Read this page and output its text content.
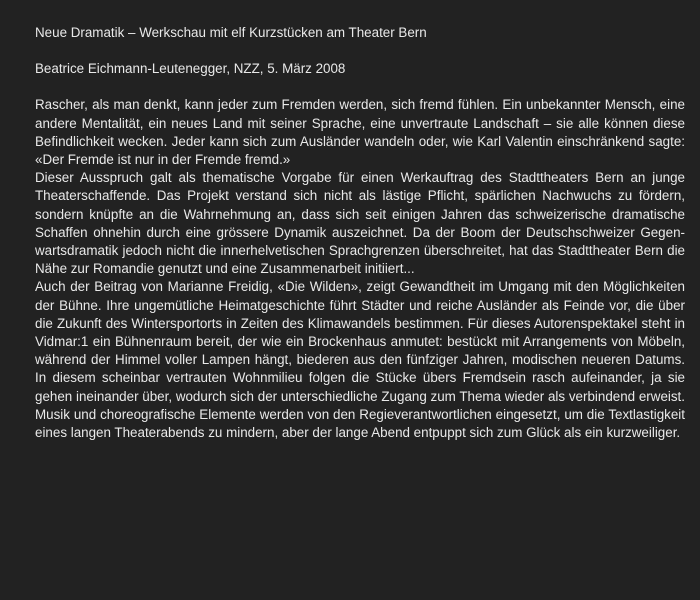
Neue Dramatik – Werkschau mit elf Kurzstücken am Theater Bern
Beatrice Eichmann-Leutenegger, NZZ, 5. März 2008

Rascher, als man denkt, kann jeder zum Fremden werden, sich fremd fühlen. Ein unbekannter Mensch, eine andere Mentalität, ein neues Land mit seiner Sprache, eine unvertraute Landschaft – sie alle können diese Befindlichkeit wecken. Jeder kann sich zum Ausländer wandeln oder, wie Karl Valentin einschränkend sagte: «Der Fremde ist nur in der Fremde fremd.»

Dieser Ausspruch galt als thematische Vorgabe für einen Werkauftrag des Stadttheaters Bern an junge Theaterschaffende. Das Projekt verstand sich nicht als lästige Pflicht, spärlichen Nachwuchs zu fördern, sondern knüpfte an die Wahrnehmung an, dass sich seit einigen Jahren das schweizerische dramatische Schaffen ohnehin durch eine grössere Dynamik auszeichnet. Da der Boom der Deutschschweizer Gegenwartsdramatik jedoch nicht die innerhelvetischen Sprachgrenzen überschreitet, hat das Stadttheater Bern die Nähe zur Romandie genutzt und eine Zusammenarbeit initiiert...

Auch der Beitrag von Marianne Freidig, «Die Wilden», zeigt Gewandtheit im Umgang mit den Möglichkeiten der Bühne. Ihre ungemütliche Heimatgeschichte führt Städter und reiche Ausländer als Feinde vor, die über die Zukunft des Wintersportorts in Zeiten des Klimawandels bestimmen. Für dieses Autorenspektakel steht in Vidmar:1 ein Bühnenraum bereit, der wie ein Brockenhaus anmutet: bestückt mit Arrangements von Möbeln, während der Himmel voller Lampen hängt, biederen aus den fünfziger Jahren, modischen neueren Datums. In diesem scheinbar vertrauten Wohnmilieu folgen die Stücke übers Fremdsein rasch aufeinander, ja sie gehen ineinander über, wodurch sich der unterschiedliche Zugang zum Thema wieder als verbindend erweist. Musik und choreografische Elemente werden von den Regieverantwortlichen eingesetzt, um die Textlastigkeit eines langen Theaterabends zu mindern, aber der lange Abend entpuppt sich zum Glück als ein kurzweiliger.
